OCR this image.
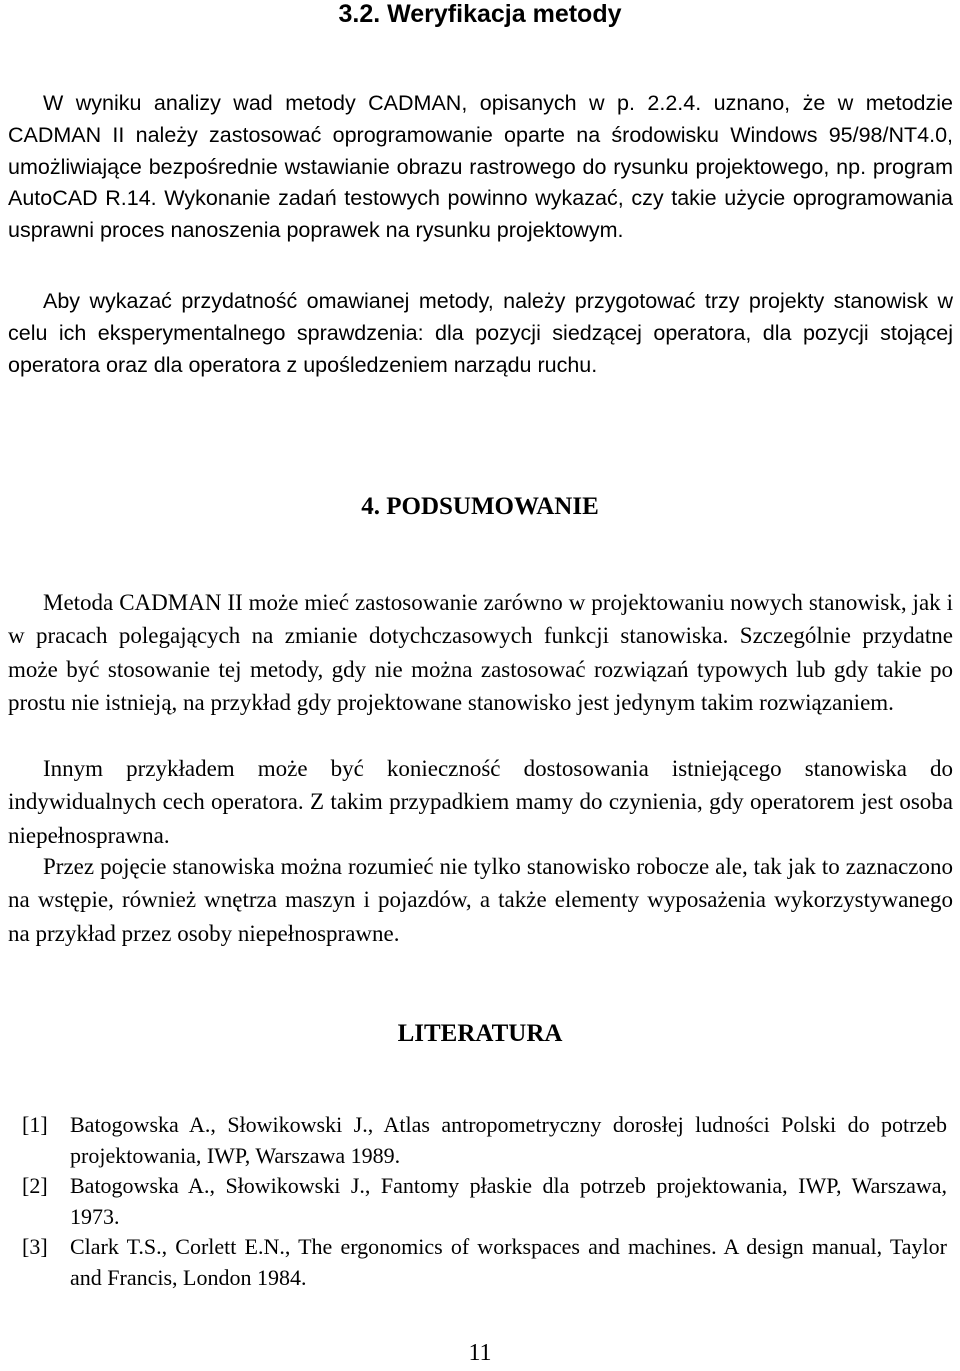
3.2. Weryfikacja metody

W wyniku analizy wad metody CADMAN, opisanych w p. 2.2.4. uznano, że w metodzie CADMAN II należy zastosować oprogramowanie oparte na środowisku Windows 95/98/NT4.0, umożliwiające bezpośrednie wstawianie obrazu rastrowego do rysunku projektowego, np. program AutoCAD R.14. Wykonanie zadań testowych powinno wykazać, czy takie użycie oprogramowania usprawni proces nanoszenia poprawek na rysunku projektowym.

Aby wykazać przydatność omawianej metody, należy przygotować trzy projekty stanowisk w celu ich eksperymentalnego sprawdzenia: dla pozycji siedzącej operatora, dla pozycji stojącej operatora oraz dla operatora z upośledzeniem narządu ruchu.

4. PODSUMOWANIE

Metoda CADMAN II może mieć zastosowanie zarówno w projektowaniu nowych stanowisk, jak i w pracach polegających na zmianie dotychczasowych funkcji stanowiska. Szczególnie przydatne może być stosowanie tej metody, gdy nie można zastosować rozwiązań typowych lub gdy takie po prostu nie istnieją, na przykład gdy projektowane stanowisko jest jedynym takim rozwiązaniem.

Innym przykładem może być konieczność dostosowania istniejącego stanowiska do indywidualnych cech operatora. Z takim przypadkiem mamy do czynienia, gdy operatorem jest osoba niepełnosprawna.

Przez pojęcie stanowiska można rozumieć nie tylko stanowisko robocze ale, tak jak to zaznaczono na wstępie, również wnętrza maszyn i pojazdów, a także elementy wyposażenia wykorzystywanego na przykład przez osoby niepełnosprawne.

LITERATURA
[1] Batogowska A., Słowikowski J., Atlas antropometryczny dorosłej ludności Polski do potrzeb projektowania, IWP, Warszawa 1989.
[2] Batogowska A., Słowikowski J., Fantomy płaskie dla potrzeb projektowania, IWP, Warszawa, 1973.
[3] Clark T.S., Corlett E.N., The ergonomics of workspaces and machines. A design manual, Taylor and Francis, London 1984.
11
